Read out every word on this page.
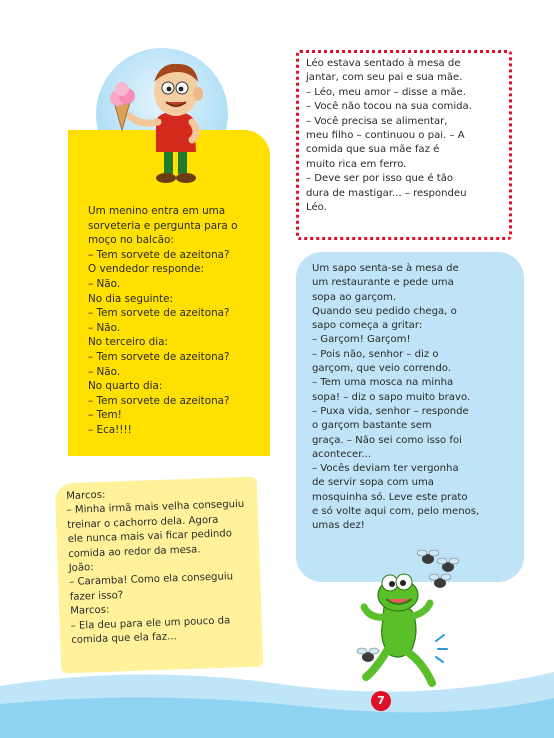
Um menino entra em uma
sorveteria e pergunta para o
moço no balcão:
– Tem sorvete de azeitona?
O vendedor responde:
– Não.
No dia seguinte:
– Tem sorvete de azeitona?
– Não.
No terceiro dia:
– Tem sorvete de azeitona?
– Não.
No quarto dia:
– Tem sorvete de azeitona?
– Tem!
– Eca!!!!
Léo estava sentado à mesa de
jantar, com seu pai e sua mãe.
– Léo, meu amor – disse a mãe.
– Você não tocou na sua comida.
– Você precisa se alimentar,
meu filho – continuou o pai. – A
comida que sua mãe faz é
muito rica em ferro.
– Deve ser por isso que é tão
dura de mastigar... – respondeu
Léo.
Um sapo senta-se à mesa de
um restaurante e pede uma
sopa ao garçom.
Quando seu pedido chega, o
sapo começa a gritar:
– Garçom! Garçom!
– Pois não, senhor – diz o
garçom, que veio correndo.
– Tem uma mosca na minha
sopa! – diz o sapo muito bravo.
– Puxa vida, senhor – responde
o garçom bastante sem
graça. – Não sei como isso foi
acontecer...
– Vocês deviam ter vergonha
de servir sopa com uma
mosquinha só. Leve este prato
e só volte aqui com, pelo menos,
umas dez!
Marcos:
– Minha irmã mais velha conseguiu
treinar o cachorro dela. Agora
ele nunca mais vai ficar pedindo
comida ao redor da mesa.
João:
– Caramba! Como ela conseguiu
fazer isso?
Marcos:
– Ela deu para ele um pouco da
comida que ela faz...
7
